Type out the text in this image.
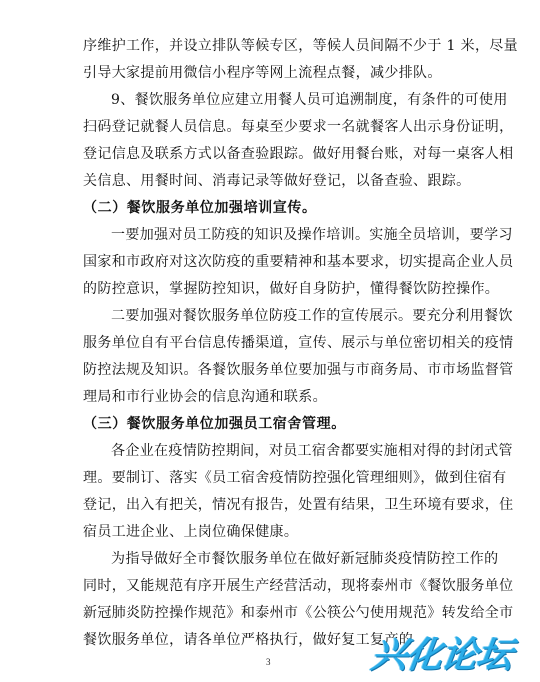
序维护工作，并设立排队等候专区，等候人员间隔不少于 1 米，尽量
引导大家提前用微信小程序等网上流程点餐，减少排队。
9、餐饮服务单位应建立用餐人员可追溯制度，有条件的可使用
扫码登记就餐人员信息。每桌至少要求一名就餐客人出示身份证明，
登记信息及联系方式以备查验跟踪。做好用餐台账，对每一桌客人相
关信息、用餐时间、消毒记录等做好登记，以备查验、跟踪。
（二）餐饮服务单位加强培训宣传。
一要加强对员工防疫的知识及操作培训。实施全员培训，要学习
国家和市政府对这次防疫的重要精神和基本要求，切实提高企业人员
的防控意识，掌握防控知识，做好自身防护，懂得餐饮防控操作。
二要加强对餐饮服务单位防疫工作的宣传展示。要充分利用餐饮
服务单位自有平台信息传播渠道，宣传、展示与单位密切相关的疫情
防控法规及知识。各餐饮服务单位要加强与市商务局、市市场监督管
理局和市行业协会的信息沟通和联系。
（三）餐饮服务单位加强员工宿舍管理。
各企业在疫情防控期间，对员工宿舍都要实施相对得的封闭式管
理。要制订、落实《员工宿舍疫情防控强化管理细则》，做到住宿有
登记，出入有把关，情况有报告，处置有结果，卫生环境有要求，住
宿员工进企业、上岗位确保健康。
为指导做好全市餐饮服务单位在做好新冠肺炎疫情防控工作的
同时，又能规范有序开展生产经营活动，现将泰州市《餐饮服务单位
新冠肺炎防控操作规范》和泰州市《公筷公勺使用规范》转发给全市
餐饮服务单位，请各单位严格执行，做好复工复产的
3	兴化论坛
